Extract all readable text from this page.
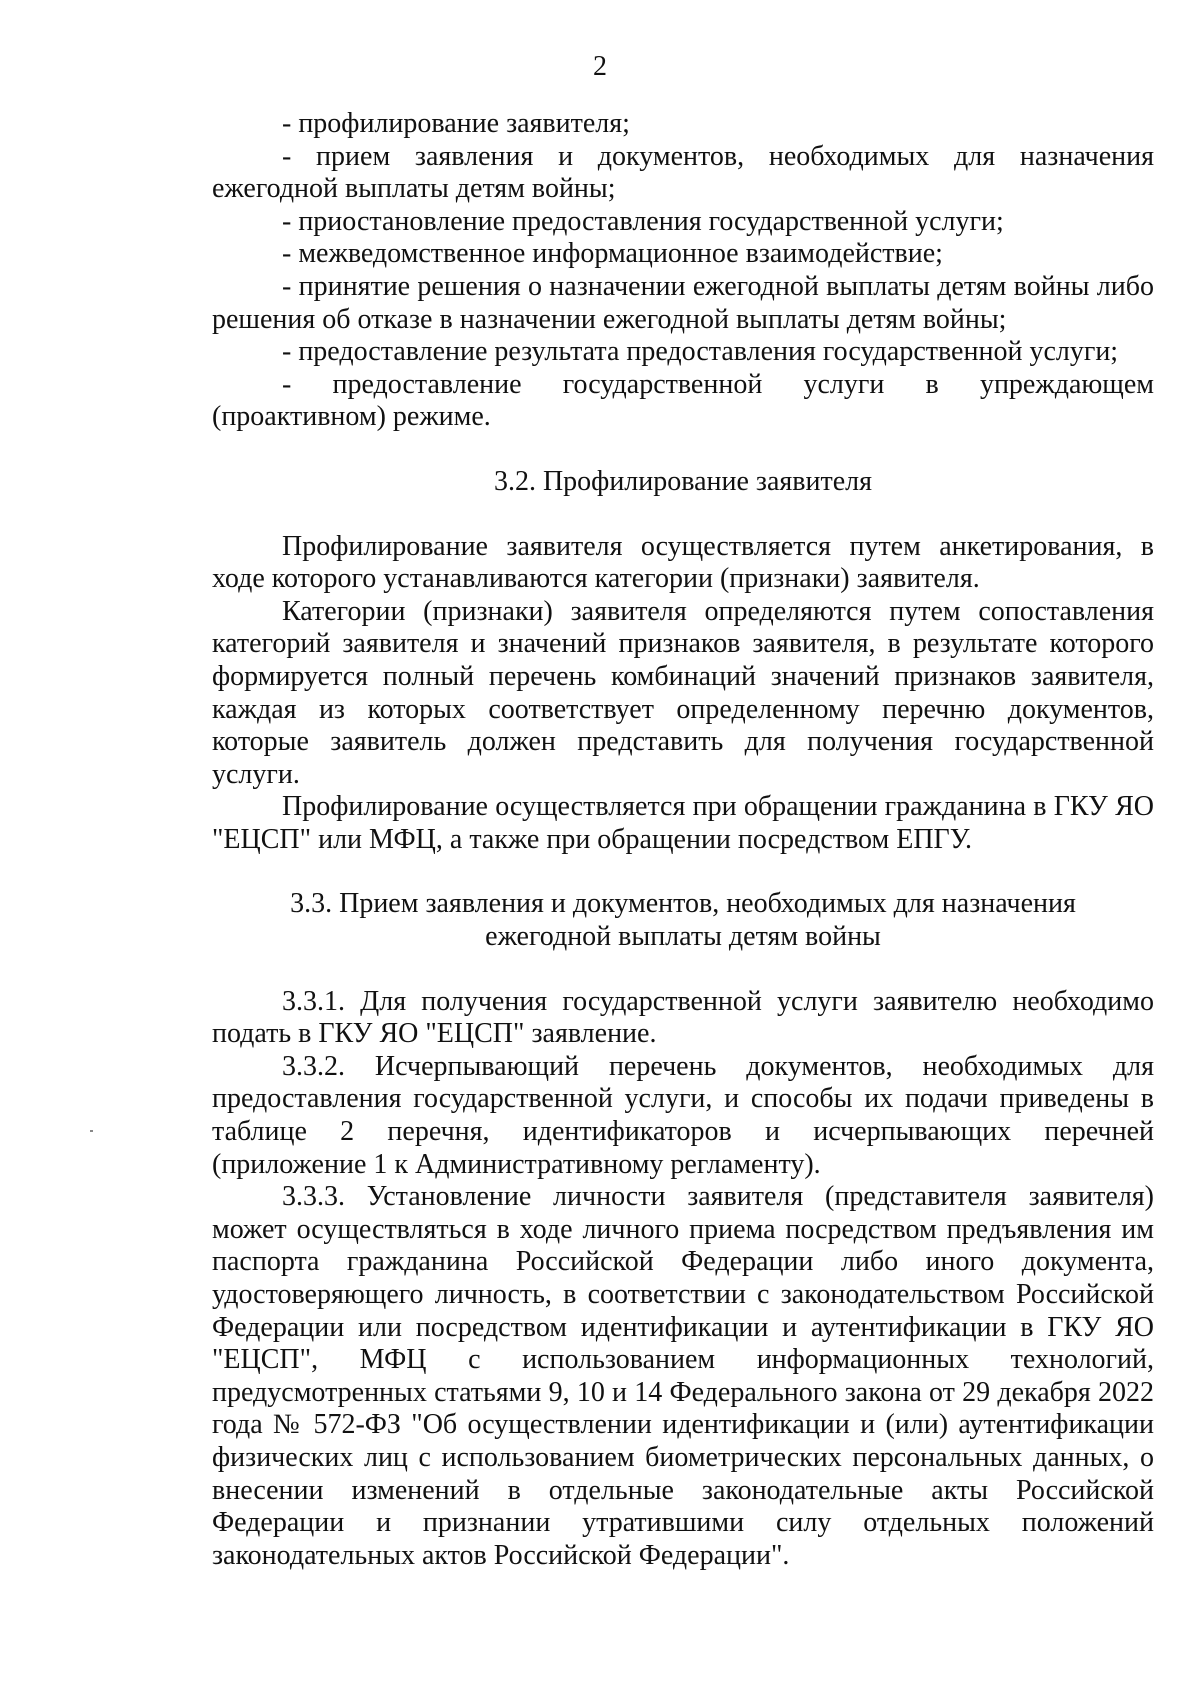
2

- профилирование заявителя;

- прием заявления и документов, необходимых для назначения ежегодной выплаты детям войны;

- приостановление предоставления государственной услуги;

- межведомственное информационное взаимодействие;

- принятие решения о назначении ежегодной выплаты детям войны либо решения об отказе в назначении ежегодной выплаты детям войны;

- предоставление результата предоставления государственной услуги;

- предоставление государственной услуги в упреждающем (проактивном) режиме.

3.2. Профилирование заявителя

Профилирование заявителя осуществляется путем анкетирования, в ходе которого устанавливаются категории (признаки) заявителя.

Категории (признаки) заявителя определяются путем сопоставления категорий заявителя и значений признаков заявителя, в результате которого формируется полный перечень комбинаций значений признаков заявителя, каждая из которых соответствует определенному перечню документов, которые заявитель должен представить для получения государственной услуги.

Профилирование осуществляется при обращении гражданина в ГКУ ЯО "ЕЦСП" или МФЦ, а также при обращении посредством ЕПГУ.

3.3. Прием заявления и документов, необходимых для назначения

ежегодной выплаты детям войны

3.3.1. Для получения государственной услуги заявителю необходимо подать в ГКУ ЯО "ЕЦСП" заявление.

3.3.2. Исчерпывающий перечень документов, необходимых для предоставления государственной услуги, и способы их подачи приведены в таблице 2 перечня, идентификаторов и исчерпывающих перечней (приложение 1 к Административному регламенту).

3.3.3. Установление личности заявителя (представителя заявителя) может осуществляться в ходе личного приема посредством предъявления им паспорта гражданина Российской Федерации либо иного документа, удостоверяющего личность, в соответствии с законодательством Российской Федерации или посредством идентификации и аутентификации в ГКУ ЯО "ЕЦСП", МФЦ с использованием информационных технологий, предусмотренных статьями 9, 10 и 14 Федерального закона от 29 декабря 2022 года № 572-ФЗ "Об осуществлении идентификации и (или) аутентификации физических лиц с использованием биометрических персональных данных, о внесении изменений в отдельные законодательные акты Российской Федерации и признании утратившими силу отдельных положений законодательных актов Российской Федерации".
